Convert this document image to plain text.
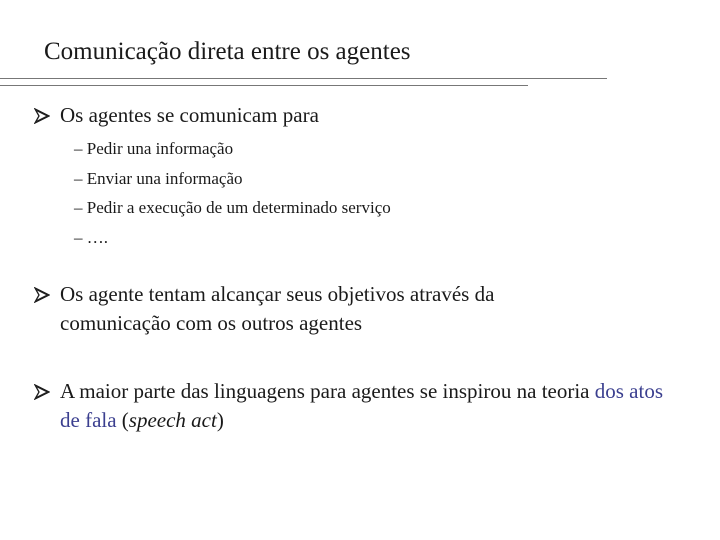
Comunicação direta entre os agentes
Os agentes se comunicam para
– Pedir una informação
– Enviar una informação
– Pedir a execução de um determinado serviço
– ….
Os agente tentam alcançar seus objetivos através da comunicação com os outros agentes
A maior parte das linguagens para agentes se inspirou na teoria dos atos de fala (speech act)
